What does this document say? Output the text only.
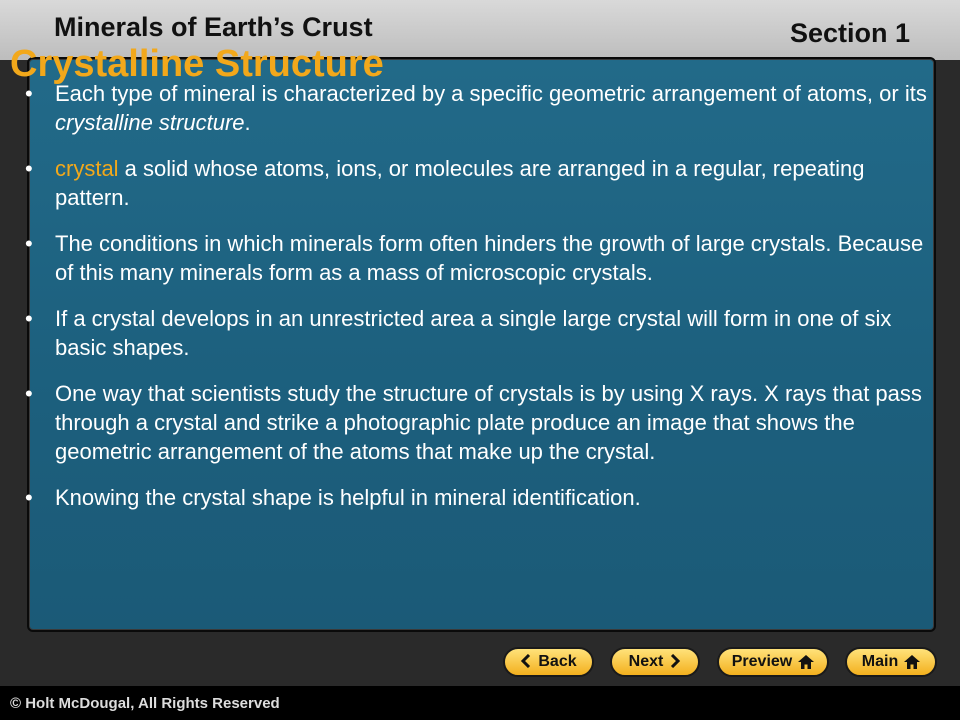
Minerals of Earth’s Crust	Section 1
Crystalline Structure
• Each type of mineral is characterized by a specific geometric arrangement of atoms, or its crystalline structure.
• crystal a solid whose atoms, ions, or molecules are arranged in a regular, repeating pattern.
• The conditions in which minerals form often hinders the growth of large crystals. Because of this many minerals form as a mass of microscopic crystals.
• If a crystal develops in an unrestricted area a single large crystal will form in one of six basic shapes.
• One way that scientists study the structure of crystals is by using X rays. X rays that pass through a crystal and strike a photographic plate produce an image that shows the geometric arrangement of the atoms that make up the crystal.
• Knowing the crystal shape is helpful in mineral identification.
Back	Next	Preview	Main
© Holt McDougal, All Rights Reserved
